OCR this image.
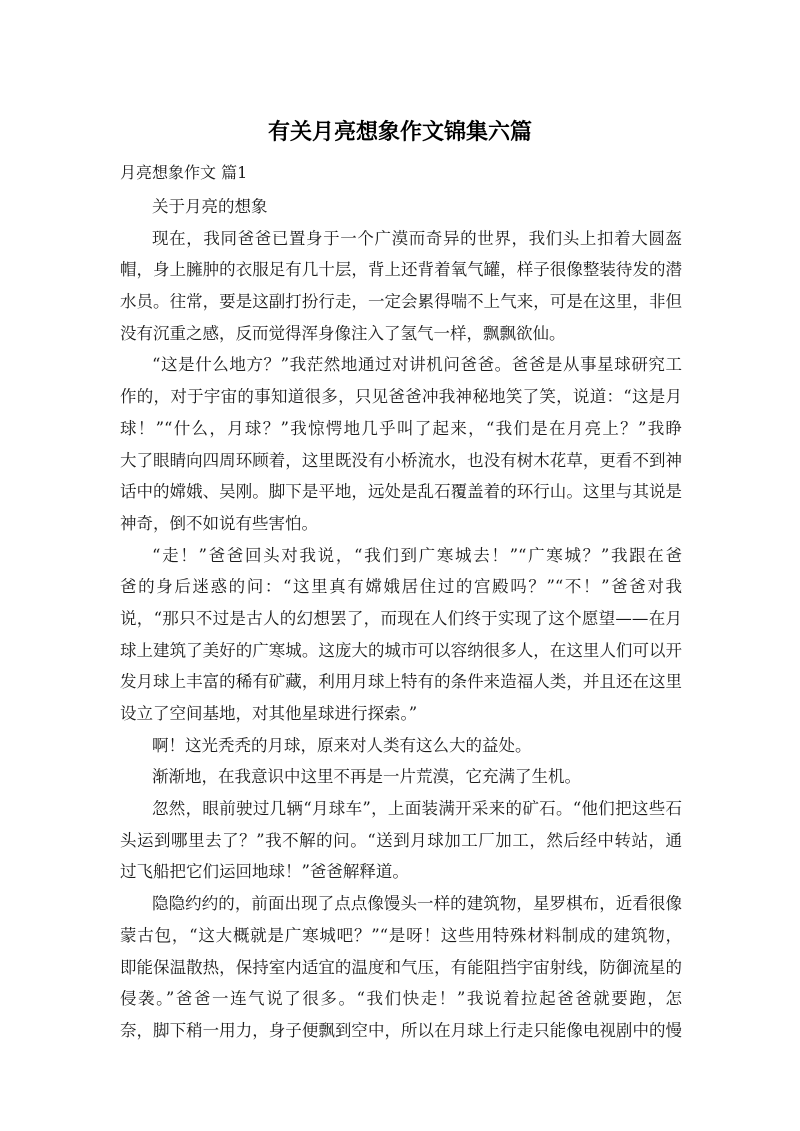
有关月亮想象作文锦集六篇
月亮想象作文 篇1
关于月亮的想象
现在，我同爸爸已置身于一个广漠而奇异的世界，我们头上扣着大圆盔
帽，身上臃肿的衣服足有几十层，背上还背着氧气罐，样子很像整装待发的潜
水员。往常，要是这副打扮行走，一定会累得喘不上气来，可是在这里，非但
没有沉重之感，反而觉得浑身像注入了氢气一样，飘飘欲仙。
“这是什么地方？”我茫然地通过对讲机问爸爸。爸爸是从事星球研究工
作的，对于宇宙的事知道很多，只见爸爸冲我神秘地笑了笑，说道：“这是月
球！”“什么，月球？”我惊愕地几乎叫了起来，“我们是在月亮上？”我睁
大了眼睛向四周环顾着，这里既没有小桥流水，也没有树木花草，更看不到神
话中的嫦娥、吴刚。脚下是平地，远处是乱石覆盖着的环行山。这里与其说是
神奇，倒不如说有些害怕。
“走！”爸爸回头对我说，“我们到广寒城去！”“广寒城？”我跟在爸
爸的身后迷惑的问：“这里真有嫦娥居住过的宫殿吗？”“不！”爸爸对我
说，“那只不过是古人的幻想罢了，而现在人们终于实现了这个愿望——在月
球上建筑了美好的广寒城。这庞大的城市可以容纳很多人，在这里人们可以开
发月球上丰富的稀有矿藏，利用月球上特有的条件来造福人类，并且还在这里
设立了空间基地，对其他星球进行探索。”
啊！这光秃秃的月球，原来对人类有这么大的益处。
渐渐地，在我意识中这里不再是一片荒漠，它充满了生机。
忽然，眼前驶过几辆“月球车”，上面装满开采来的矿石。“他们把这些石
头运到哪里去了？”我不解的问。“送到月球加工厂加工，然后经中转站，通
过飞船把它们运回地球！”爸爸解释道。
隐隐约约的，前面出现了点点像馒头一样的建筑物，星罗棋布，近看很像
蒙古包，“这大概就是广寒城吧？”“是呀！这些用特殊材料制成的建筑物，
即能保温散热，保持室内适宜的温度和气压，有能阻挡宇宙射线，防御流星的
侵袭。”爸爸一连气说了很多。“我们快走！”我说着拉起爸爸就要跑，怎
奈，脚下稍一用力，身子便飘到空中，所以在月球上行走只能像电视剧中的慢
